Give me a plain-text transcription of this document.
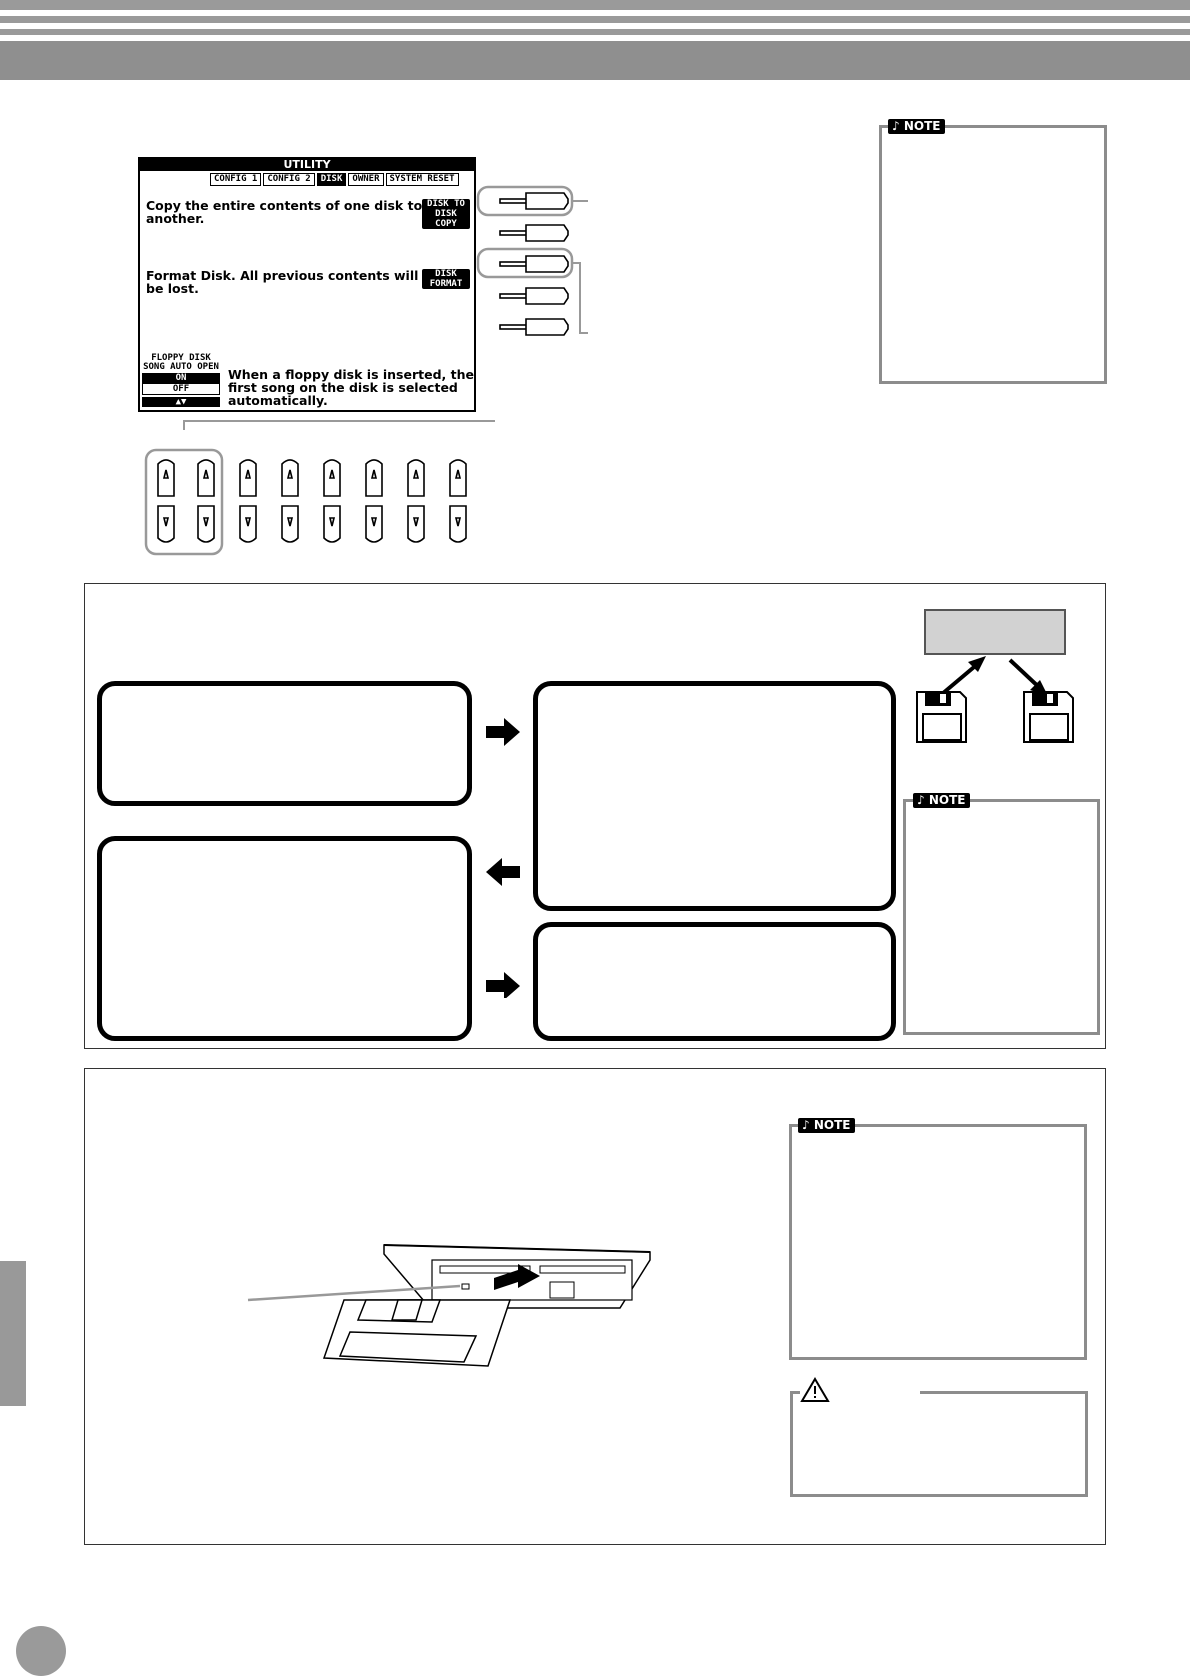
UTILITY
CONFIG 1	CONFIG 2	DISK	OWNER	SYSTEM RESET
Copy the entire contents of one disk to
another.
DISK TO
DISK COPY
Format Disk. All previous contents will
be lost.
DISK
FORMAT
FLOPPY DISK
SONG AUTO OPEN
ON
OFF
▲▼
When a floppy disk is inserted, the
first song on the disk is selected
automatically.
♪ NOTE
♪ NOTE
♪ NOTE
